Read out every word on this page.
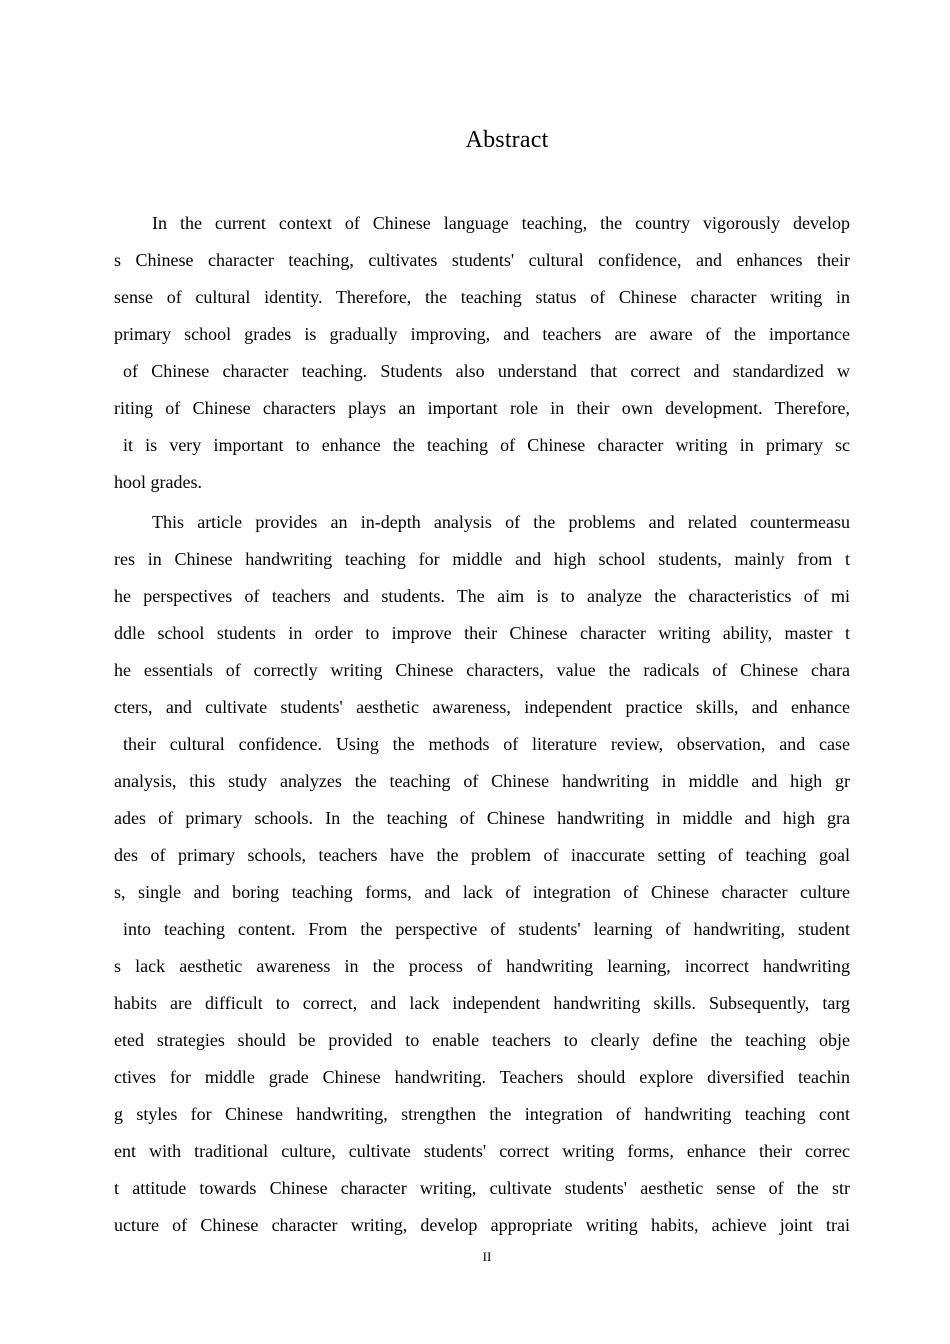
Abstract
In the current context of Chinese language teaching, the country vigorously develop
s Chinese character teaching, cultivates students' cultural confidence, and enhances their
sense of cultural identity. Therefore, the teaching status of Chinese character writing in
primary school grades is gradually improving, and teachers are aware of the importance
of Chinese character teaching. Students also understand that correct and standardized w
riting of Chinese characters plays an important role in their own development. Therefore,
it is very important to enhance the teaching of Chinese character writing in primary sc
hool grades.
This article provides an in-depth analysis of the problems and related countermeasu
res in Chinese handwriting teaching for middle and high school students, mainly from t
he perspectives of teachers and students. The aim is to analyze the characteristics of mi
ddle school students in order to improve their Chinese character writing ability, master t
he essentials of correctly writing Chinese characters, value the radicals of Chinese chara
cters, and cultivate students' aesthetic awareness, independent practice skills, and enhance
their cultural confidence. Using the methods of literature review, observation, and case
analysis, this study analyzes the teaching of Chinese handwriting in middle and high gr
ades of primary schools. In the teaching of Chinese handwriting in middle and high gra
des of primary schools, teachers have the problem of inaccurate setting of teaching goal
s, single and boring teaching forms, and lack of integration of Chinese character culture
into teaching content. From the perspective of students' learning of handwriting, student
s lack aesthetic awareness in the process of handwriting learning, incorrect handwriting
habits are difficult to correct, and lack independent handwriting skills. Subsequently, targ
eted strategies should be provided to enable teachers to clearly define the teaching obje
ctives for middle grade Chinese handwriting. Teachers should explore diversified teachin
g styles for Chinese handwriting, strengthen the integration of handwriting teaching cont
ent with traditional culture, cultivate students' correct writing forms, enhance their correc
t attitude towards Chinese character writing, cultivate students' aesthetic sense of the str
ucture of Chinese character writing, develop appropriate writing habits, achieve joint trai
II
